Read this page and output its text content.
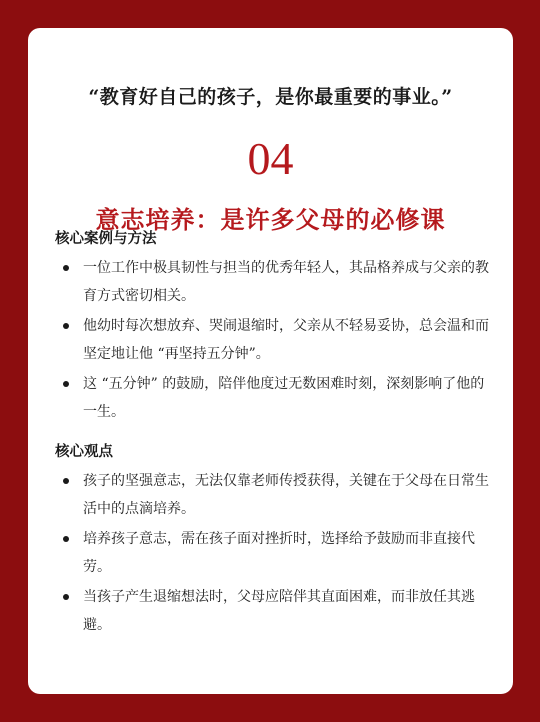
“教育好自己的孩子，是你最重要的事业。”
04
意志培养：是许多父母的必修课
核心案例与方法
一位工作中极具韧性与担当的优秀年轻人，其品格养成与父亲的教育方式密切相关。
他幼时每次想放弃、哭闹退缩时，父亲从不轻易妥协，总会温和而坚定地让他 “再坚持五分钟”。
这 “五分钟” 的鼓励，陪伴他度过无数困难时刻，深刻影响了他的一生。
核心观点
孩子的坚强意志，无法仅靠老师传授获得，关键在于父母在日常生活中的点滴培养。
培养孩子意志，需在孩子面对挫折时，选择给予鼓励而非直接代劳。
当孩子产生退缩想法时，父母应陪伴其直面困难，而非放任其逃避。
